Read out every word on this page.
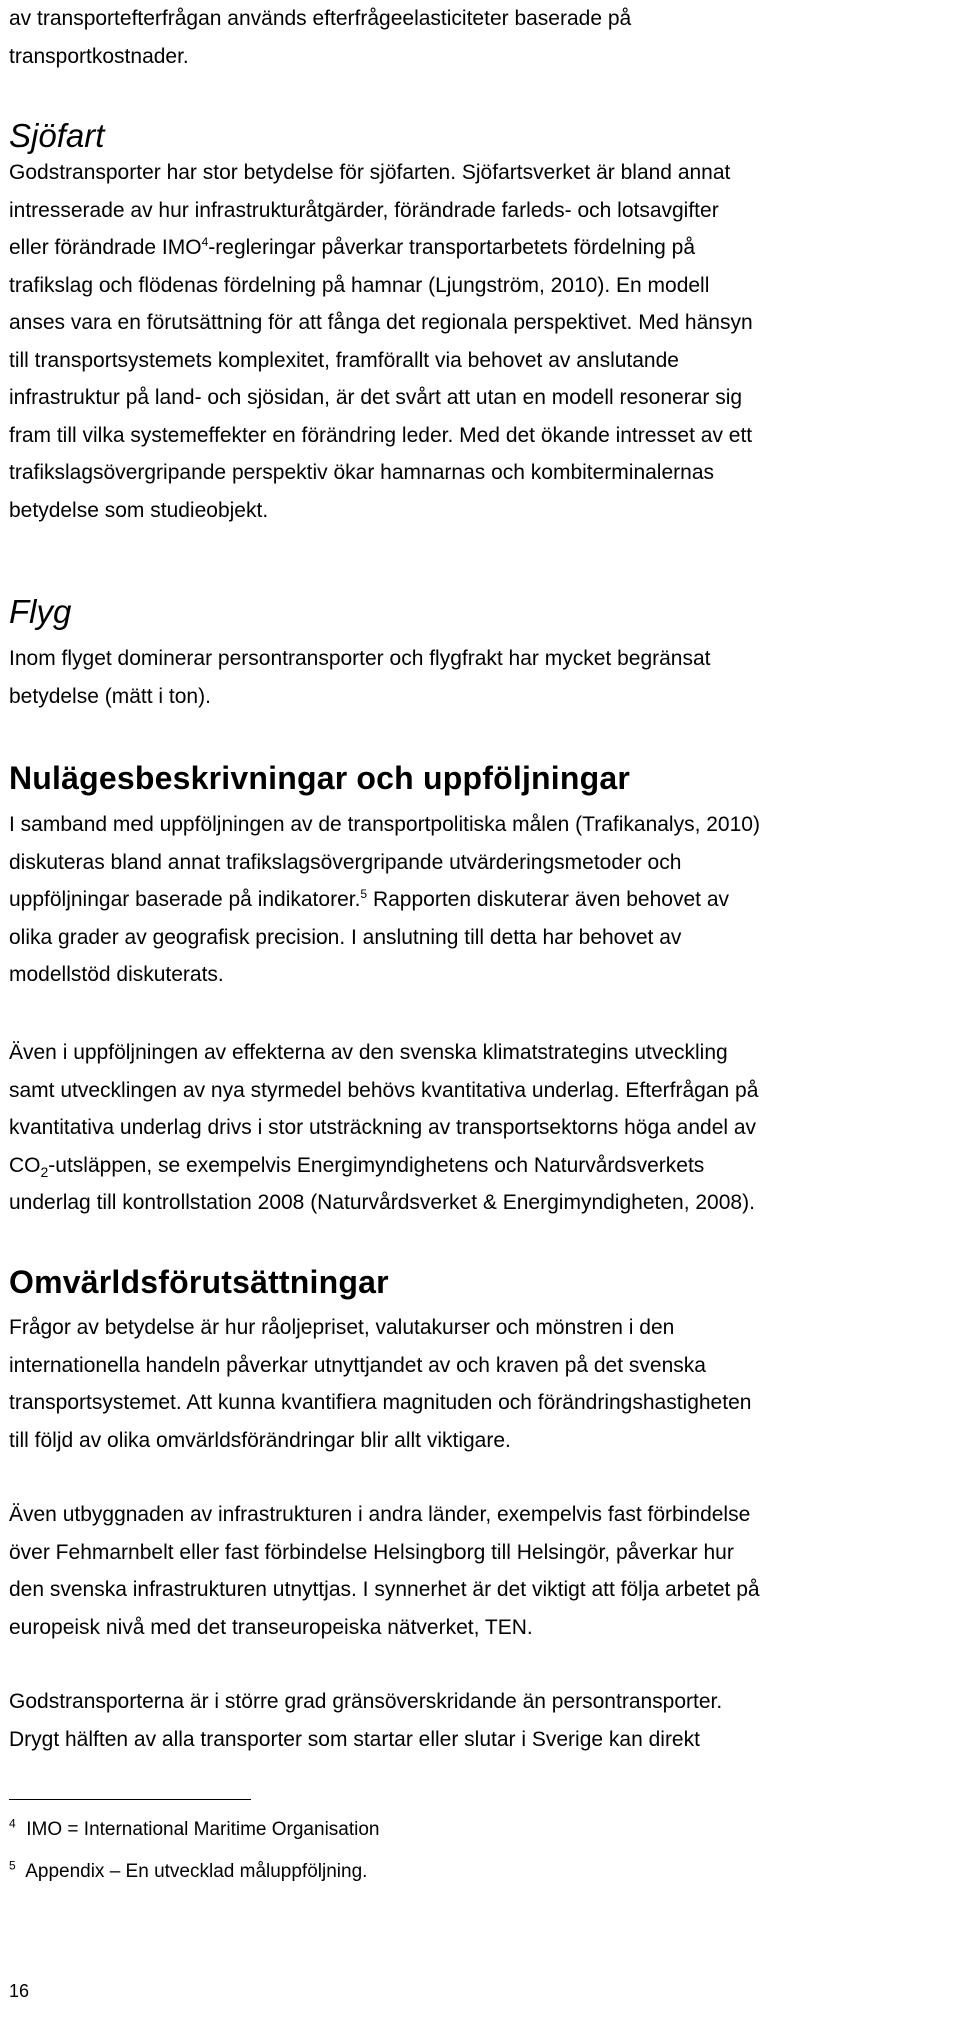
av transportefterfrågan används efterfrågeelasticiteter baserade på
transportkostnader.
Sjöfart
Godstransporter har stor betydelse för sjöfarten. Sjöfartsverket är bland annat
intresserade av hur infrastrukturåtgärder, förändrade farleds- och lotsavgifter
eller förändrade IMO$^4$-regleringar påverkar transportarbetets fördelning på
trafikslag och flödenas fördelning på hamnar (Ljungström, 2010). En modell
anses vara en förutsättning för att fånga det regionala perspektivet. Med hänsyn
till transportsystemets komplexitet, framförallt via behovet av anslutande
infrastruktur på land- och sjösidan, är det svårt att utan en modell resonerar sig
fram till vilka systemeffekter en förändring leder. Med det ökande intresset av ett
trafikslagsövergripande perspektiv ökar hamnarnas och kombiterminalernas
betydelse som studieobjekt.
Flyg
Inom flyget dominerar persontransporter och flygfrakt har mycket begränsat
betydelse (mätt i ton).
Nulägesbeskrivningar och uppföljningar
I samband med uppföljningen av de transportpolitiska målen (Trafikanalys, 2010)
diskuteras bland annat trafikslagsövergripande utvärderingsmetoder och
uppföljningar baserade på indikatorer.$^5$ Rapporten diskuterar även behovet av
olika grader av geografisk precision. I anslutning till detta har behovet av
modellstöd diskuterats.
Även i uppföljningen av effekterna av den svenska klimatstrategins utveckling
samt utvecklingen av nya styrmedel behövs kvantitativa underlag. Efterfrågan på
kvantitativa underlag drivs i stor utsträckning av transportsektorns höga andel av
$CO_2$-utsläppen, se exempelvis Energimyndighetens och Naturvårdsverkets
underlag till kontrollstation 2008 (Naturvårdsverket & Energimyndigheten, 2008).
Omvärldsförutsättningar
Frågor av betydelse är hur råoljepriset, valutakurser och mönstren i den
internationella handeln påverkar utnyttjandet av och kraven på det svenska
transportsystemet. Att kunna kvantifiera magnituden och förändringshastigheten
till följd av olika omvärldsförändringar blir allt viktigare.
Även utbyggnaden av infrastrukturen i andra länder, exempelvis fast förbindelse
över Fehmarnbelt eller fast förbindelse Helsingborg till Helsingör, påverkar hur
den svenska infrastrukturen utnyttjas. I synnerhet är det viktigt att följa arbetet på
europeisk nivå med det transeuropeiska nätverket, TEN.
Godstransporterna är i större grad gränsöverskridande än persontransporter.
Drygt hälften av alla transporter som startar eller slutar i Sverige kan direkt
$^4$ IMO = International Maritime Organisation
$^5$ Appendix – En utvecklad måluppföljning.
16
